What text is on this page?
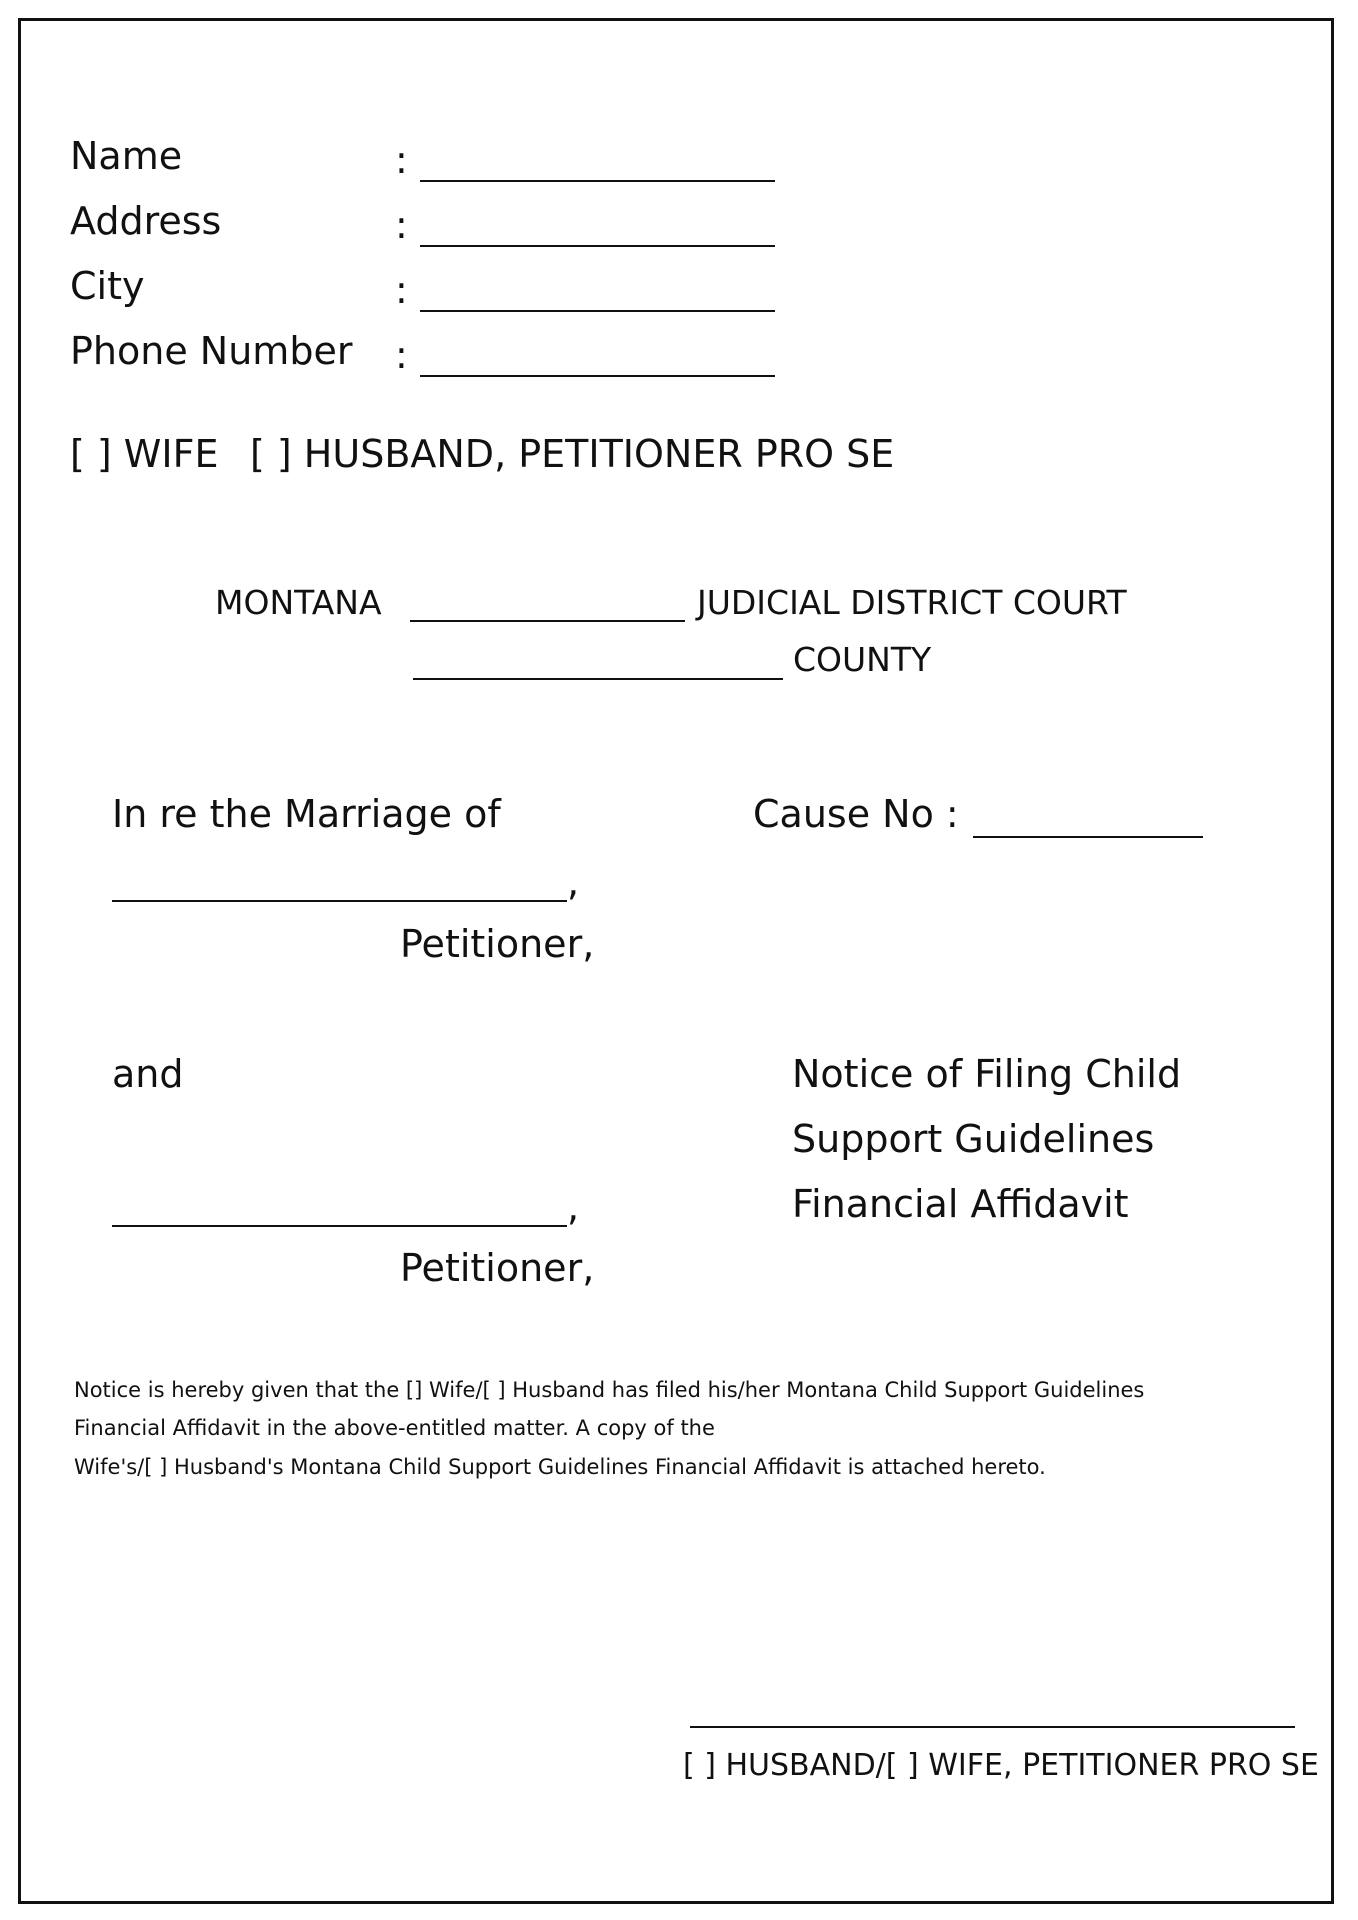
Name	:
Address	:
City	:
Phone Number :
[ ] WIFE [ ] HUSBAND, PETITIONER PRO SE
MONTANA	JUDICIAL DISTRICT COURT
COUNTY
In re the Marriage of
,
Petitioner,
and
,
Petitioner,
Cause No :
Notice of Filing Child
Support Guidelines
Financial Affidavit
Notice is hereby given that the [] Wife/[ ] Husband has filed his/her Montana Child Support Guidelines
Financial Affidavit in the above-entitled matter. A copy of the
Wife's/[ ] Husband's Montana Child Support Guidelines Financial Affidavit is attached hereto.
[ ] HUSBAND/[ ] WIFE, PETITIONER PRO SE
